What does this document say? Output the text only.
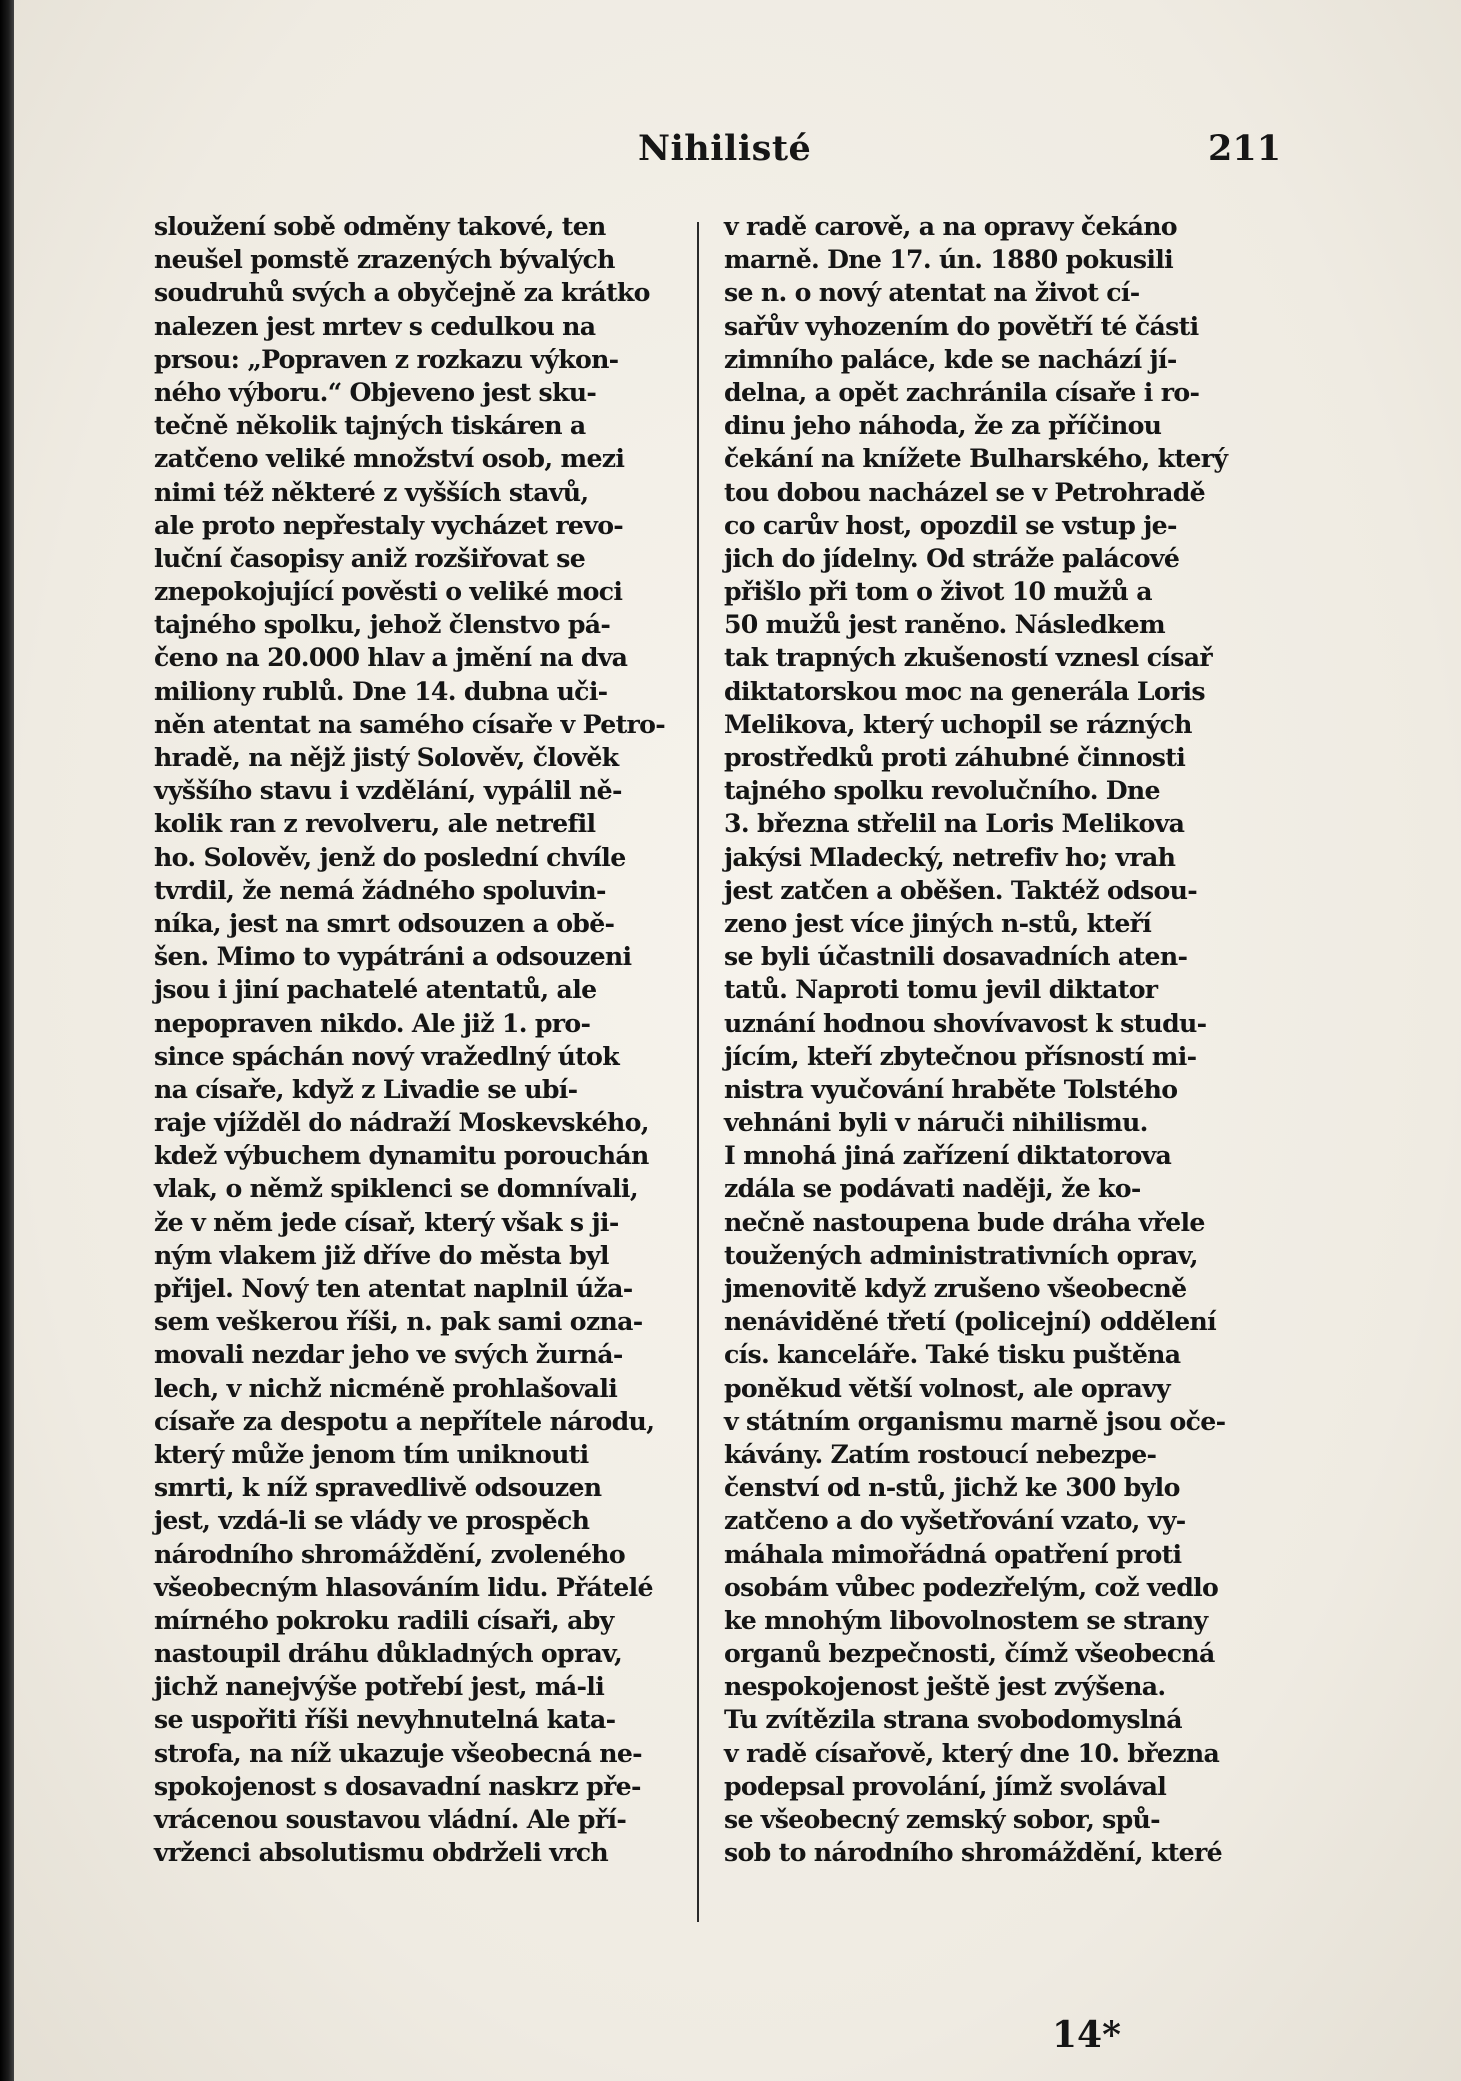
Nihilisté	211
sloužení sobě odměny takové, ten
neušel pomstě zrazených bývalých
soudruhů svých a obyčejně za krátko
nalezen jest mrtev s cedulkou na
prsou: „Popraven z rozkazu výkon-
ného výboru.“ Objeveno jest sku-
tečně několik tajných tiskáren a
zatčeno veliké množství osob, mezi
nimi též některé z vyšších stavů,
ale proto nepřestaly vycházet revo-
luční časopisy aniž rozšiřovat se
znepokojující pověsti o veliké moci
tajného spolku, jehož členstvo pá-
čeno na 20.000 hlav a jmění na dva
miliony rublů. Dne 14. dubna uči-
něn atentat na samého císaře v Petro-
hradě, na nějž jistý Solověv, člověk
vyššího stavu i vzdělání, vypálil ně-
kolik ran z revolveru, ale netrefil
ho. Solověv, jenž do poslední chvíle
tvrdil, že nemá žádného spoluvin-
níka, jest na smrt odsouzen a obě-
šen. Mimo to vypátráni a odsouzeni
jsou i jiní pachatelé atentatů, ale
nepopraven nikdo. Ale již 1. pro-
since spáchán nový vražedlný útok
na císaře, když z Livadie se ubí-
raje vjížděl do nádraží Moskevského,
kdež výbuchem dynamitu porouchán
vlak, o němž spiklenci se domnívali,
že v něm jede císař, který však s ji-
ným vlakem již dříve do města byl
přijel. Nový ten atentat naplnil úža-
sem veškerou říši, n. pak sami ozna-
movali nezdar jeho ve svých žurná-
lech, v nichž nicméně prohlašovali
císaře za despotu a nepřítele národu,
který může jenom tím uniknouti
smrti, k níž spravedlivě odsouzen
jest, vzdá-li se vlády ve prospěch
národního shromáždění, zvoleného
všeobecným hlasováním lidu. Přátelé
mírného pokroku radili císaři, aby
nastoupil dráhu důkladných oprav,
jichž nanejvýše potřebí jest, má-li
se uspořiti říši nevyhnutelná kata-
strofa, na níž ukazuje všeobecná ne-
spokojenost s dosavadní naskrz pře-
vrácenou soustavou vládní. Ale pří-
vrženci absolutismu obdrželi vrch
v radě carově, a na opravy čekáno
marně. Dne 17. ún. 1880 pokusili
se n. o nový atentat na život cí-
sařův vyhozením do povětří té části
zimního paláce, kde se nachází jí-
delna, a opět zachránila císaře i ro-
dinu jeho náhoda, že za příčinou
čekání na knížete Bulharského, který
tou dobou nacházel se v Petrohradě
co carův host, opozdil se vstup je-
jich do jídelny. Od stráže palácové
přišlo při tom o život 10 mužů a
50 mužů jest raněno. Následkem
tak trapných zkušeností vznesl císař
diktatorskou moc na generála Loris
Melikova, který uchopil se rázných
prostředků proti záhubné činnosti
tajného spolku revolučního. Dne
3. března střelil na Loris Melikova
jakýsi Mladecký, netrefiv ho; vrah
jest zatčen a oběšen. Taktéž odsou-
zeno jest více jiných n-stů, kteří
se byli účastnili dosavadních aten-
tatů. Naproti tomu jevil diktator
uznání hodnou shovívavost k studu-
jícím, kteří zbytečnou přísností mi-
nistra vyučování hraběte Tolstého
vehnáni byli v náruči nihilismu.
I mnohá jiná zařízení diktatorova
zdála se podávati naději, že ko-
nečně nastoupena bude dráha vřele
toužených administrativních oprav,
jmenovitě když zrušeno všeobecně
nenáviděné třetí (policejní) oddělení
cís. kanceláře. Také tisku puštěna
poněkud větší volnost, ale opravy
v státním organismu marně jsou oče-
kávány. Zatím rostoucí nebezpe-
čenství od n-stů, jichž ke 300 bylo
zatčeno a do vyšetřování vzato, vy-
máhala mimořádná opatření proti
osobám vůbec podezřelým, což vedlo
ke mnohým libovolnostem se strany
organů bezpečnosti, čímž všeobecná
nespokojenost ještě jest zvýšena.
Tu zvítězila strana svobodomyslná
v radě císařově, který dne 10. března
podepsal provolání, jímž svolával
se všeobecný zemský sobor, spů-
sob to národního shromáždění, které
14*
